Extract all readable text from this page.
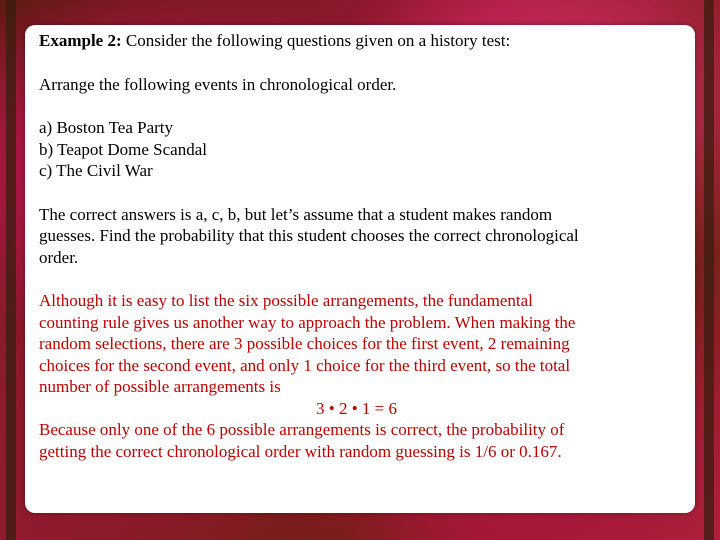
Example 2: Consider the following questions given on a history test:

Arrange the following events in chronological order.

a) Boston Tea Party

b) Teapot Dome Scandal

c) The Civil War

The correct answers is a, c, b, but let’s assume that a student makes random

guesses. Find the probability that this student chooses the correct chronological

order.

Although it is easy to list the six possible arrangements, the fundamental

counting rule gives us another way to approach the problem. When making the

random selections, there are 3 possible choices for the first event, 2 remaining

choices for the second event, and only 1 choice for the third event, so the total

number of possible arrangements is

3 • 2 • 1 = 6

Because only one of the 6 possible arrangements is correct, the probability of

getting the correct chronological order with random guessing is 1/6 or 0.167.
